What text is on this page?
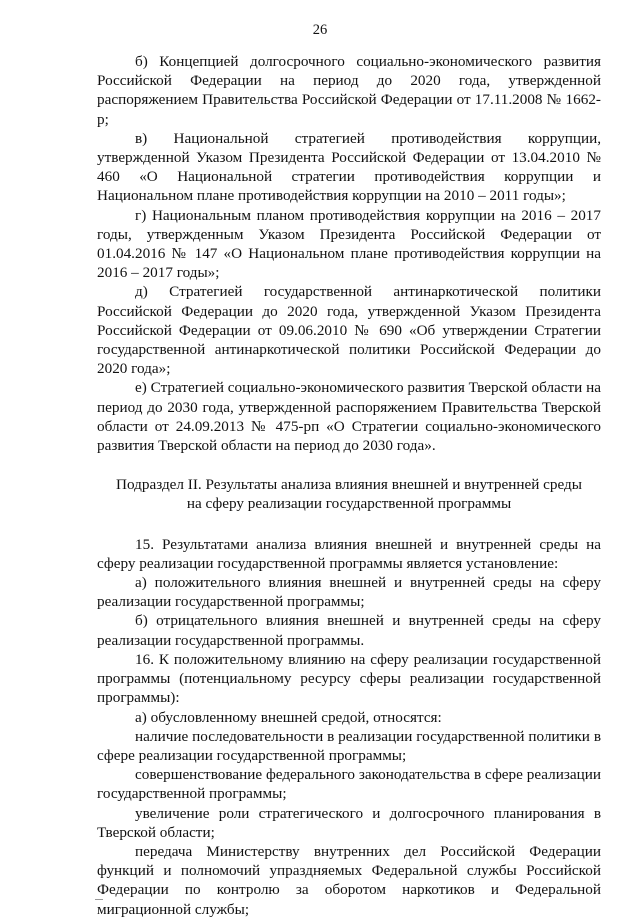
26

б) Концепцией долгосрочного социально-экономического развития Российской Федерации на период до 2020 года, утвержденной распоряжением Правительства Российской Федерации от 17.11.2008 № 1662-р;

в) Национальной стратегией противодействия коррупции, утвержденной Указом Президента Российской Федерации от 13.04.2010 № 460 «О Национальной стратегии противодействия коррупции и Национальном плане противодействия коррупции на 2010 – 2011 годы»;

г) Национальным планом противодействия коррупции на 2016 – 2017 годы, утвержденным Указом Президента Российской Федерации от 01.04.2016 № 147 «О Национальном плане противодействия коррупции на 2016 – 2017 годы»;

д) Стратегией государственной антинаркотической политики Российской Федерации до 2020 года, утвержденной Указом Президента Российской Федерации от 09.06.2010 № 690 «Об утверждении Стратегии государственной антинаркотической политики Российской Федерации до 2020 года»;

е) Стратегией социально-экономического развития Тверской области на период до 2030 года, утвержденной распоряжением Правительства Тверской области от 24.09.2013 № 475-рп «О Стратегии социально-экономического развития Тверской области на период до 2030 года».

Подраздел II. Результаты анализа влияния внешней и внутренней среды на сферу реализации государственной программы

15. Результатами анализа влияния внешней и внутренней среды на сферу реализации государственной программы является установление:

а) положительного влияния внешней и внутренней среды на сферу реализации государственной программы;

б) отрицательного влияния внешней и внутренней среды на сферу реализации государственной программы.

16. К положительному влиянию на сферу реализации государственной программы (потенциальному ресурсу сферы реализации государственной программы):

а) обусловленному внешней средой, относятся:

наличие последовательности в реализации государственной политики в сфере реализации государственной программы;

совершенствование федерального законодательства в сфере реализации государственной программы;

увеличение роли стратегического и долгосрочного планирования в Тверской области;

передача Министерству внутренних дел Российской Федерации функций и полномочий упраздняемых Федеральной службы Российской Федерации по контролю за оборотом наркотиков и Федеральной миграционной службы;
